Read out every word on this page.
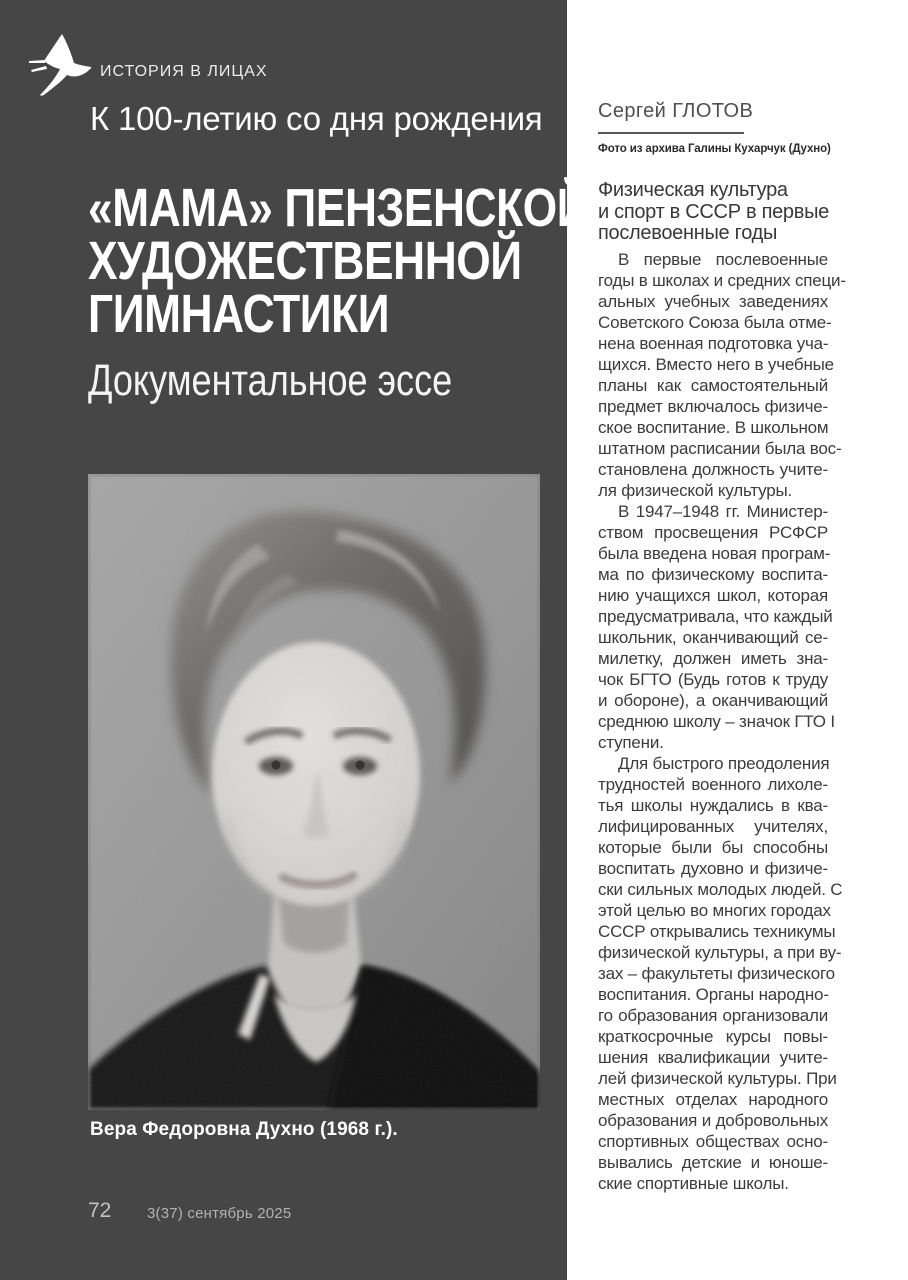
ИСТОРИЯ В ЛИЦАХ
К 100-летию со дня рождения
«МАМА» ПЕНЗЕНСКОЙ
ХУДОЖЕСТВЕННОЙ
ГИМНАСТИКИ
Документальное эссе
Вера Федоровна Духно (1968 г.).
72 3(37) сентябрь 2025
Сергей ГЛОТОВ
Фото из архива Галины Кухарчук (Духно)
Физическая культура
и спорт в СССР в первые
послевоенные годы
В первые послевоенные
годы в школах и средних специ-
альных учебных заведениях
Советского Союза была отме-
нена военная подготовка уча-
щихся. Вместо него в учебные
планы как самостоятельный
предмет включалось физиче-
ское воспитание. В школьном
штатном расписании была вос-
становлена должность учите-
ля физической культуры.
В 1947–1948 гг. Министер-
ством просвещения РСФСР
была введена новая програм-
ма по физическому воспита-
нию учащихся школ, которая
предусматривала, что каждый
школьник, оканчивающий се-
милетку, должен иметь зна-
чок БГТО (Будь готов к труду
и обороне), а оканчивающий
среднюю школу – значок ГТО I
ступени.
Для быстрого преодоления
трудностей военного лихоле-
тья школы нуждались в ква-
лифицированных учителях,
которые были бы способны
воспитать духовно и физиче-
ски сильных молодых людей. С
этой целью во многих городах
СССР открывались техникумы
физической культуры, а при ву-
зах – факультеты физического
воспитания. Органы народно-
го образования организовали
краткосрочные курсы повы-
шения квалификации учите-
лей физической культуры. При
местных отделах народного
образования и добровольных
спортивных обществах осно-
вывались детские и юноше-
ские спортивные школы.
